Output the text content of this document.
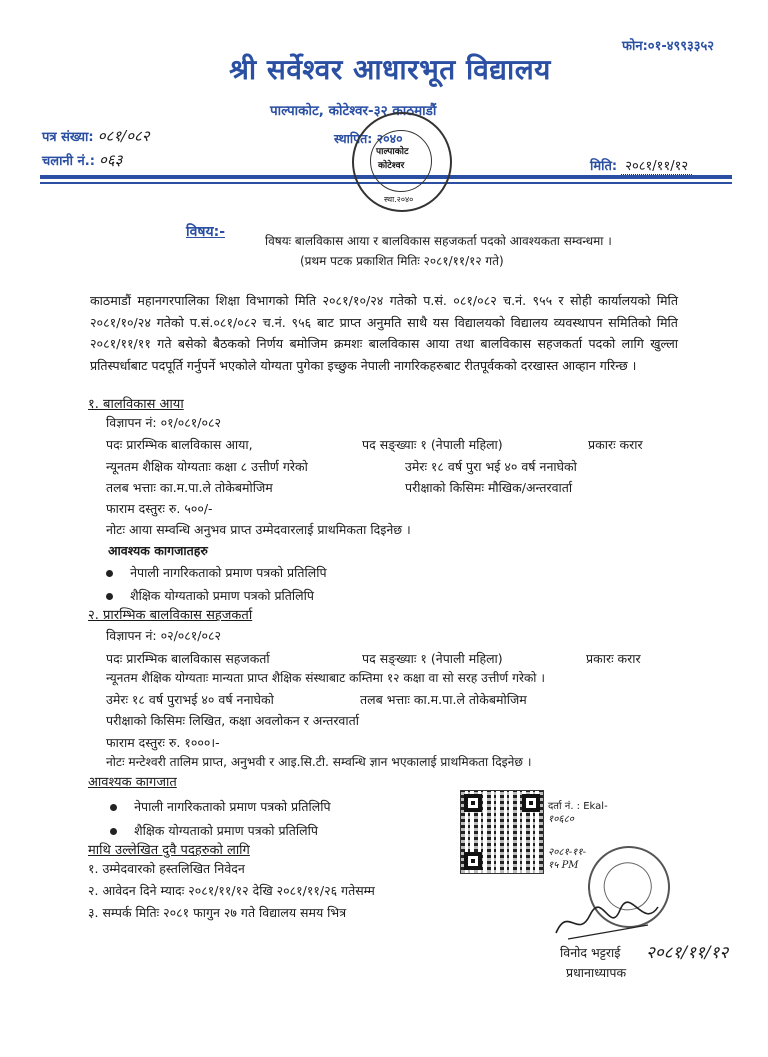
फोन:०१-४९९३३५२
श्री सर्वेश्वर आधारभूत विद्यालय
पाल्पाकोट, कोटेश्वर-३२ काठमाडौं
स्थापित: २०४०
पत्र संख्या: ०८१/०८२
चलानी नं.: ०६३	मिति: २०८१/११/१२
पाल्पाकोट
कोटेश्वर
स्था.२०४०
विषय:-
विषयः बालविकास आया र बालविकास सहजकर्ता पदको आवश्यकता सम्वन्धमा ।
(प्रथम पटक प्रकाशित मितिः २०८१/११/१२ गते)
काठमाडौं महानगरपालिका शिक्षा विभागको मिति २०८१/१०/२४ गतेको प.सं. ०८१/०८२ च.नं. ९५५ र सोही कार्यालयको मिति २०८१/१०/२४ गतेको प.सं.०८१/०८२ च.नं. ९५६ बाट प्राप्त अनुमति साथै यस विद्यालयको विद्यालय व्यवस्थापन समितिको मिति २०८१/११/११ गते बसेको बैठकको निर्णय बमोजिम क्रमशः बालविकास आया तथा बालविकास सहजकर्ता पदको लागि खुल्ला प्रतिस्पर्धाबाट पदपूर्ति गर्नुपर्ने भएकोले योग्यता पुगेका इच्छुक नेपाली नागरिकहरुबाट रीतपूर्वकको दरखास्त आव्हान गरिन्छ ।
१. बालविकास आया
विज्ञापन नं: ०१/०८१/०८२
पदः प्रारम्भिक बालविकास आया,	पद सङ्ख्याः १ (नेपाली महिला)	प्रकारः करार
न्यूनतम शैक्षिक योग्यताः कक्षा ८ उत्तीर्ण गरेको	उमेरः १८ वर्ष पुरा भई ४० वर्ष ननाघेको
तलब भत्ताः का.म.पा.ले तोकेबमोजिम	परीक्षाको किसिमः मौखिक/अन्तरवार्ता
फाराम दस्तुरः रु. ५००/-
नोटः आया सम्वन्धि अनुभव प्राप्त उम्मेदवारलाई प्राथमिकता दिइनेछ ।
आवश्यक कागजातहरु
नेपाली नागरिकताको प्रमाण पत्रको प्रतिलिपि
शैक्षिक योग्यताको प्रमाण पत्रको प्रतिलिपि
२. प्रारम्भिक बालविकास सहजकर्ता
विज्ञापन नं: ०२/०८१/०८२
पदः प्रारम्भिक बालविकास सहजकर्ता	पद सङ्ख्याः १ (नेपाली महिला)	प्रकारः करार
न्यूनतम शैक्षिक योग्यताः मान्यता प्राप्त शैक्षिक संस्थाबाट कम्तिमा १२ कक्षा वा सो सरह उत्तीर्ण गरेको ।
उमेरः १८ वर्ष पुराभई ४० वर्ष ननाघेको	तलब भत्ताः का.म.पा.ले तोकेबमोजिम
परीक्षाको किसिमः लिखित, कक्षा अवलोकन र अन्तरवार्ता
फाराम दस्तुरः रु. १०००।-
नोटः मन्टेश्वरी तालिम प्राप्त, अनुभवी र आइ.सि.टी. सम्वन्धि ज्ञान भएकालाई प्राथमिकता दिइनेछ ।
आवश्यक कागजात
नेपाली नागरिकताको प्रमाण पत्रको प्रतिलिपि
शैक्षिक योग्यताको प्रमाण पत्रको प्रतिलिपि
माथि उल्लेखित दुवै पदहरुको लागि
१. उम्मेदवारको हस्तलिखित निवेदन
२. आवेदन दिने म्यादः २०८१/११/१२ देखि २०८१/११/२६ गतेसम्म
३. सम्पर्क मितिः २०८१ फागुन २७ गते विद्यालय समय भित्र
दर्ता नं. : Ekal-
१०६८०
२०८१-११-
१५ PM
२०८१/११/१२
विनोद भट्टराई
प्रधानाध्यापक
